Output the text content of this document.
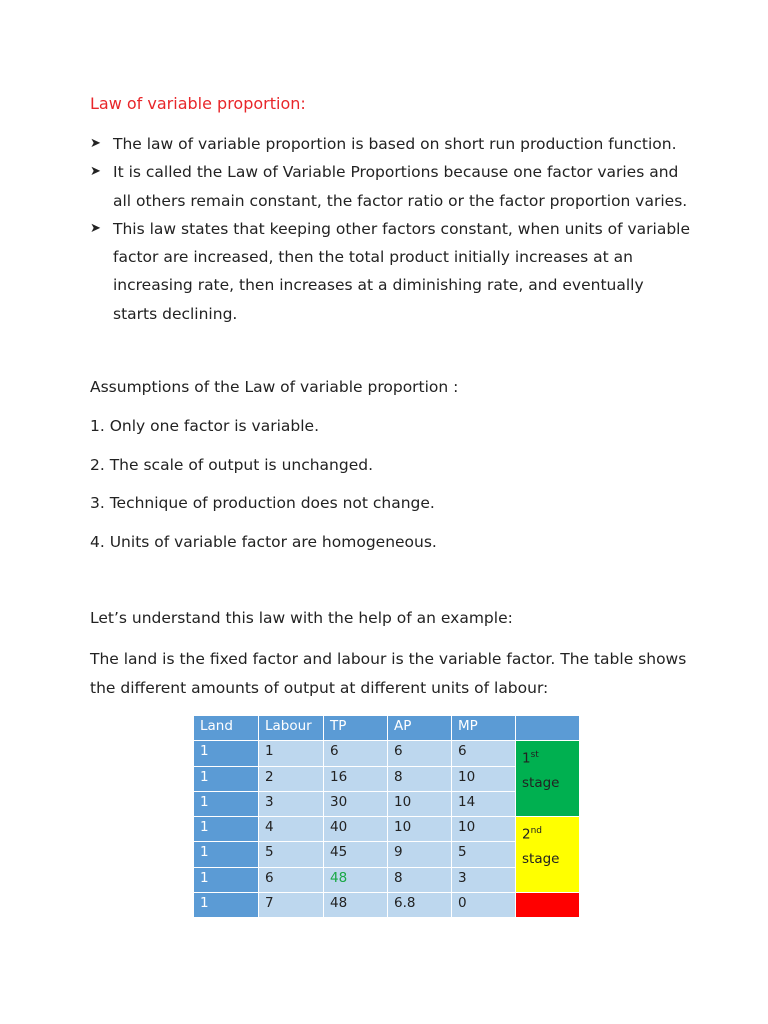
Law of variable proportion:
➤ The law of variable proportion is based on short run production function.
➤ It is called the Law of Variable Proportions because one factor varies and all others remain constant, the factor ratio or the factor proportion varies.
➤ This law states that keeping other factors constant, when units of variable factor are increased, then the total product initially increases at an increasing rate, then increases at a diminishing rate, and eventually starts declining.
Assumptions of the Law of variable proportion :
1. Only one factor is variable.
2. The scale of output is unchanged.
3. Technique of production does not change.
4. Units of variable factor are homogeneous.
Let’s understand this law with the help of an example:
The land is the fixed factor and labour is the variable factor. The table shows the different amounts of output at different units of labour:
Land	Labour	TP	AP	MP	
1	1	6	6	6	1st
stage
1	2	16	8	10	
1	3	30	10	14	
1	4	40	10	10	2nd
stage
1	5	45	9	5	
1	6	48	8	3	
1	7	48	6.8	0	
